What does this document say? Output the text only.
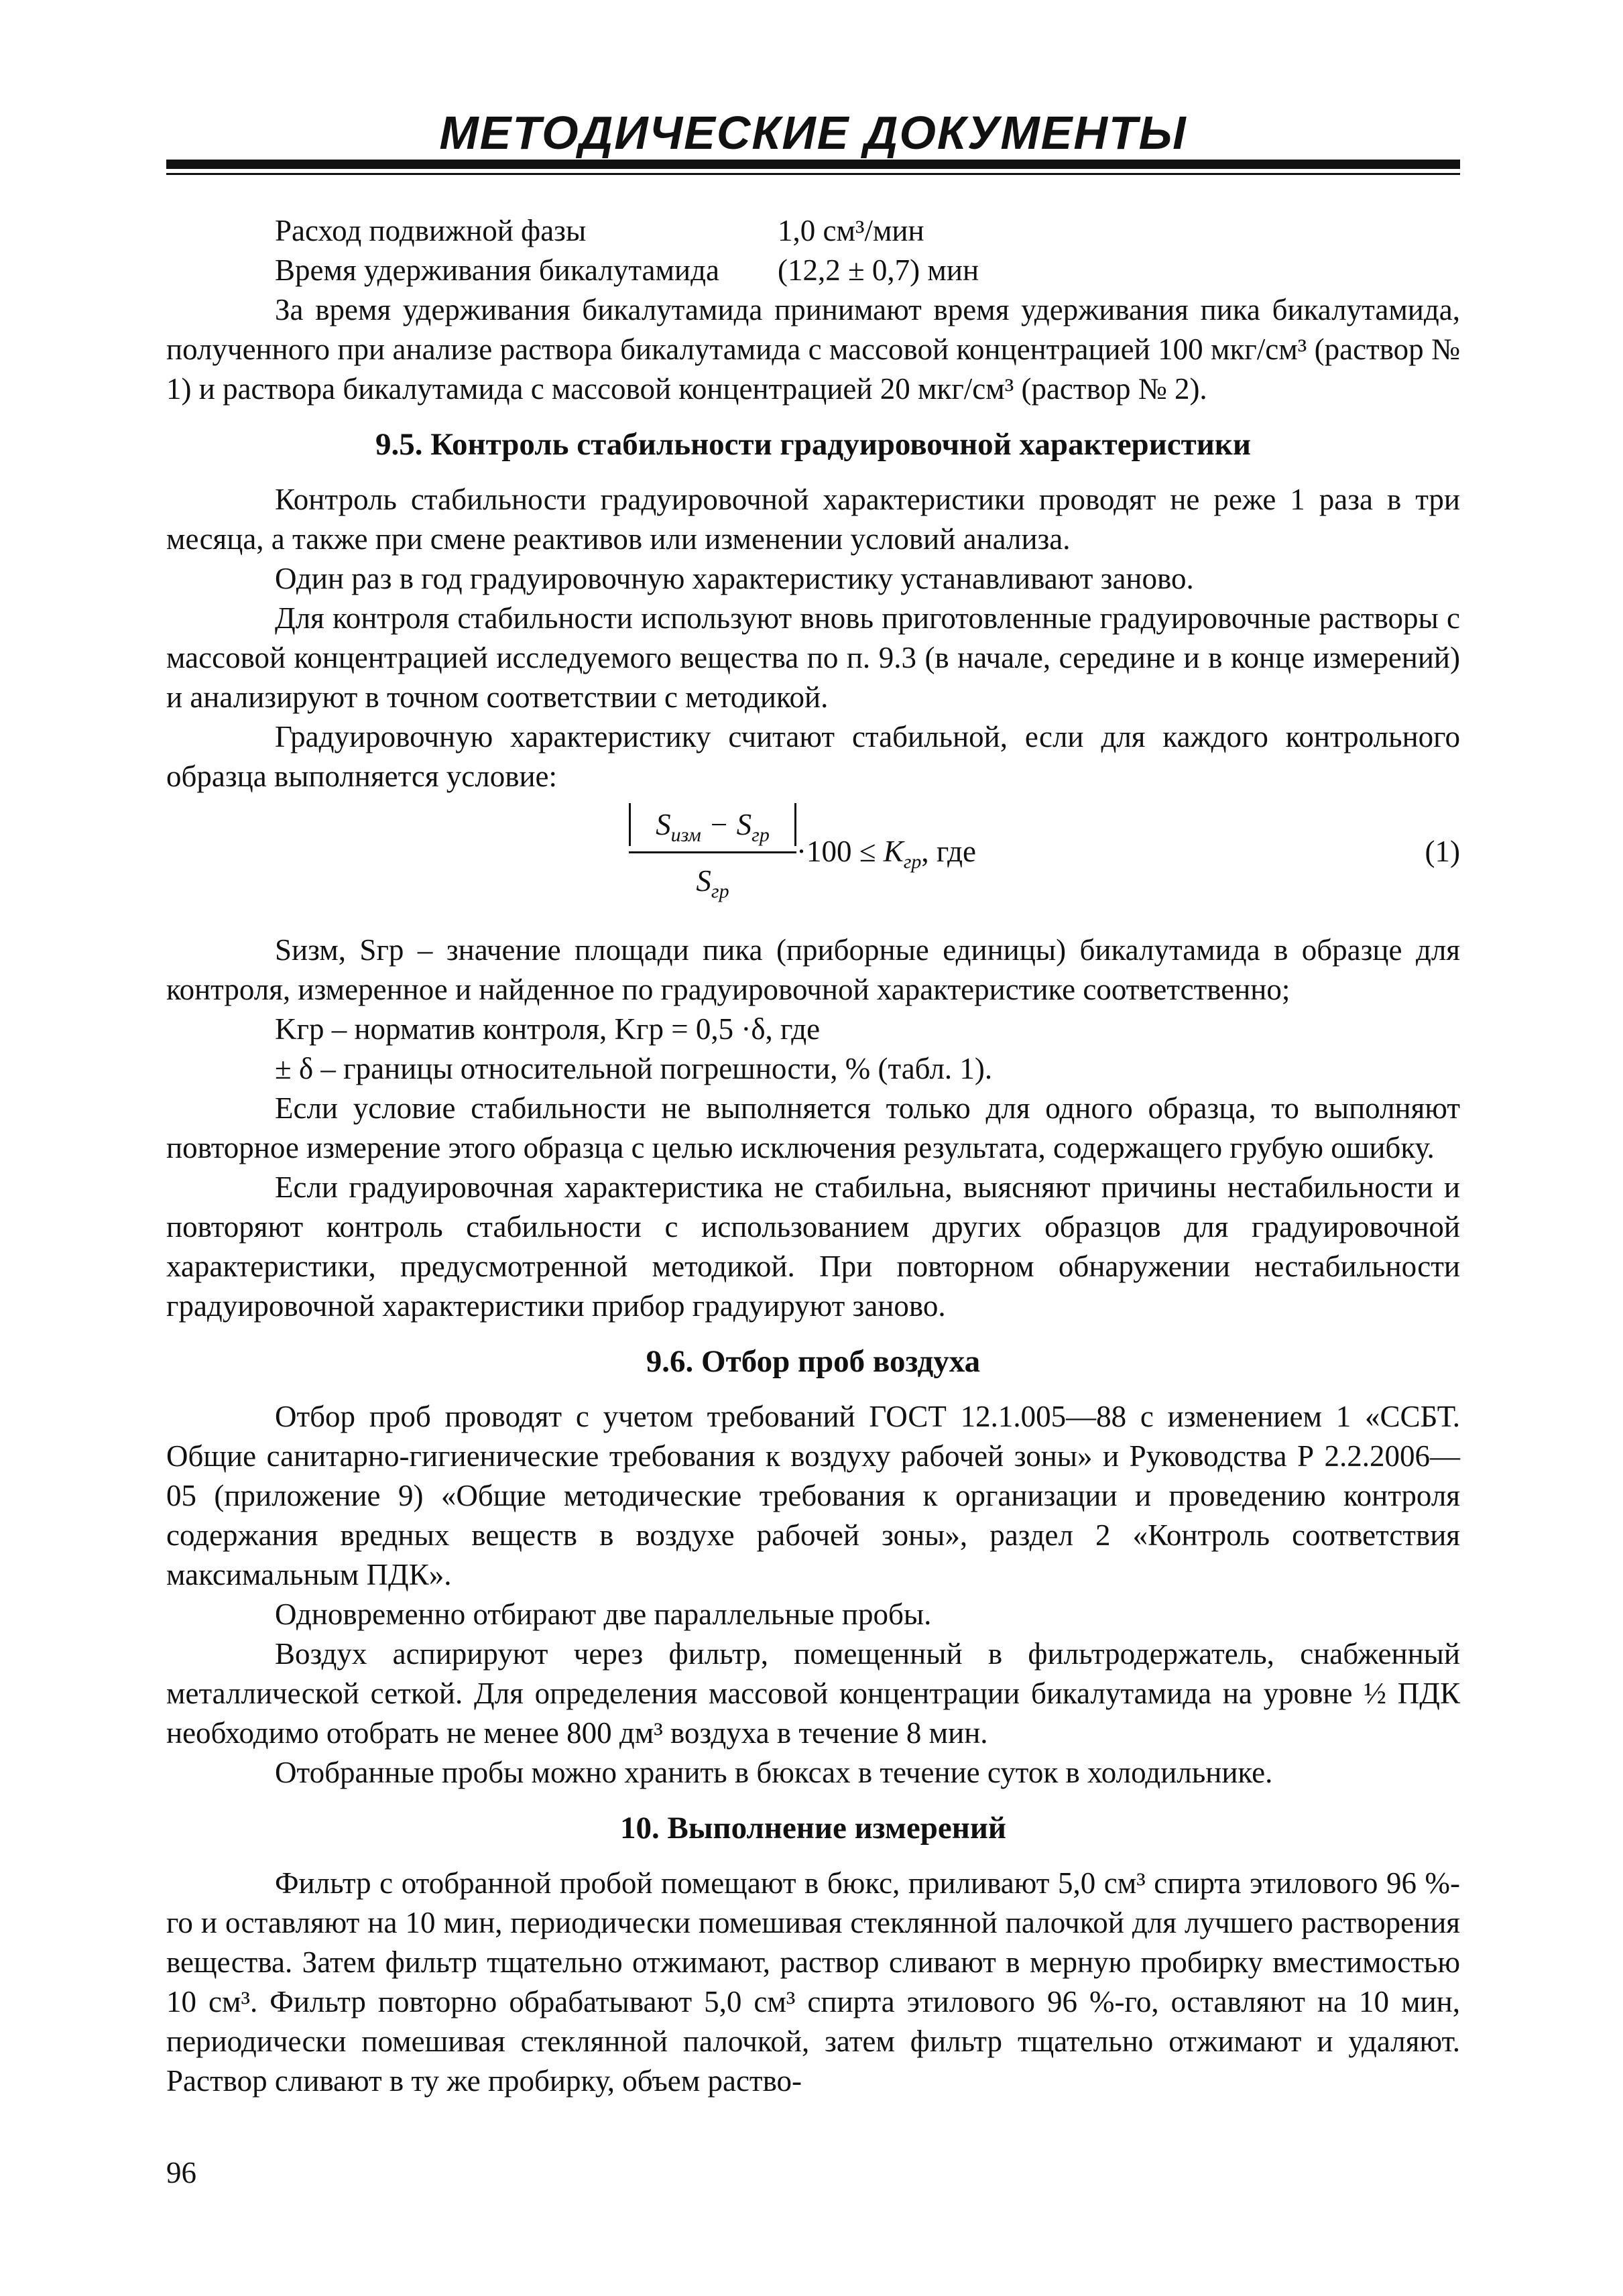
МЕТОДИЧЕСКИЕ ДОКУМЕНТЫ

Расход подвижной фазы	1,0 см³/мин

Время удерживания бикалутамида (12,2 ± 0,7) мин

За время удерживания бикалутамида принимают время удерживания пика бикалутамида, полученного при анализе раствора бикалутамида с массовой концентрацией 100 мкг/см³ (раствор № 1) и раствора бикалутамида с массовой концентрацией 20 мкг/см³ (раствор № 2).

9.5. Контроль стабильности градуировочной характеристики

Контроль стабильности градуировочной характеристики проводят не реже 1 раза в три месяца, а также при смене реактивов или изменении условий анализа.

Один раз в год градуировочную характеристику устанавливают заново.

Для контроля стабильности используют вновь приготовленные градуировочные растворы с массовой концентрацией исследуемого вещества по п. 9.3 (в начале, середине и в конце измерений) и анализируют в точном соответствии с методикой.

Градуировочную характеристику считают стабильной, если для каждого контрольного образца выполняется условие:

$S_{изм} - S_{гр}$
$S_{гр}$
$\cdot 100 \le K_{гр}$, где	(1)

Sизм, Sгр – значение площади пика (приборные единицы) бикалутамида в образце для контроля, измеренное и найденное по градуировочной характеристике соответственно;

Kгр – норматив контроля, Kгр = 0,5 ·δ, где

± δ – границы относительной погрешности, % (табл. 1).

Если условие стабильности не выполняется только для одного образца, то выполняют повторное измерение этого образца с целью исключения результата, содержащего грубую ошибку.

Если градуировочная характеристика не стабильна, выясняют причины нестабильности и повторяют контроль стабильности с использованием других образцов для градуировочной характеристики, предусмотренной методикой. При повторном обнаружении нестабильности градуировочной характеристики прибор градуируют заново.

9.6. Отбор проб воздуха

Отбор проб проводят с учетом требований ГОСТ 12.1.005—88 с изменением 1 «ССБТ. Общие санитарно-гигиенические требования к воздуху рабочей зоны» и Руководства Р 2.2.2006—05 (приложение 9) «Общие методические требования к организации и проведению контроля содержания вредных веществ в воздухе рабочей зоны», раздел 2 «Контроль соответствия максимальным ПДК».

Одновременно отбирают две параллельные пробы.

Воздух аспирируют через фильтр, помещенный в фильтродержатель, снабженный металлической сеткой. Для определения массовой концентрации бикалутамида на уровне ½ ПДК необходимо отобрать не менее 800 дм³ воздуха в течение 8 мин.

Отобранные пробы можно хранить в бюксах в течение суток в холодильнике.

10. Выполнение измерений

Фильтр с отобранной пробой помещают в бюкс, приливают 5,0 см³ спирта этилового 96 %-го и оставляют на 10 мин, периодически помешивая стеклянной палочкой для лучшего растворения вещества. Затем фильтр тщательно отжимают, раствор сливают в мерную пробирку вместимостью 10 см³. Фильтр повторно обрабатывают 5,0 см³ спирта этилового 96 %-го, оставляют на 10 мин, периодически помешивая стеклянной палочкой, затем фильтр тщательно отжимают и удаляют. Раствор сливают в ту же пробирку, объем раство-

96
